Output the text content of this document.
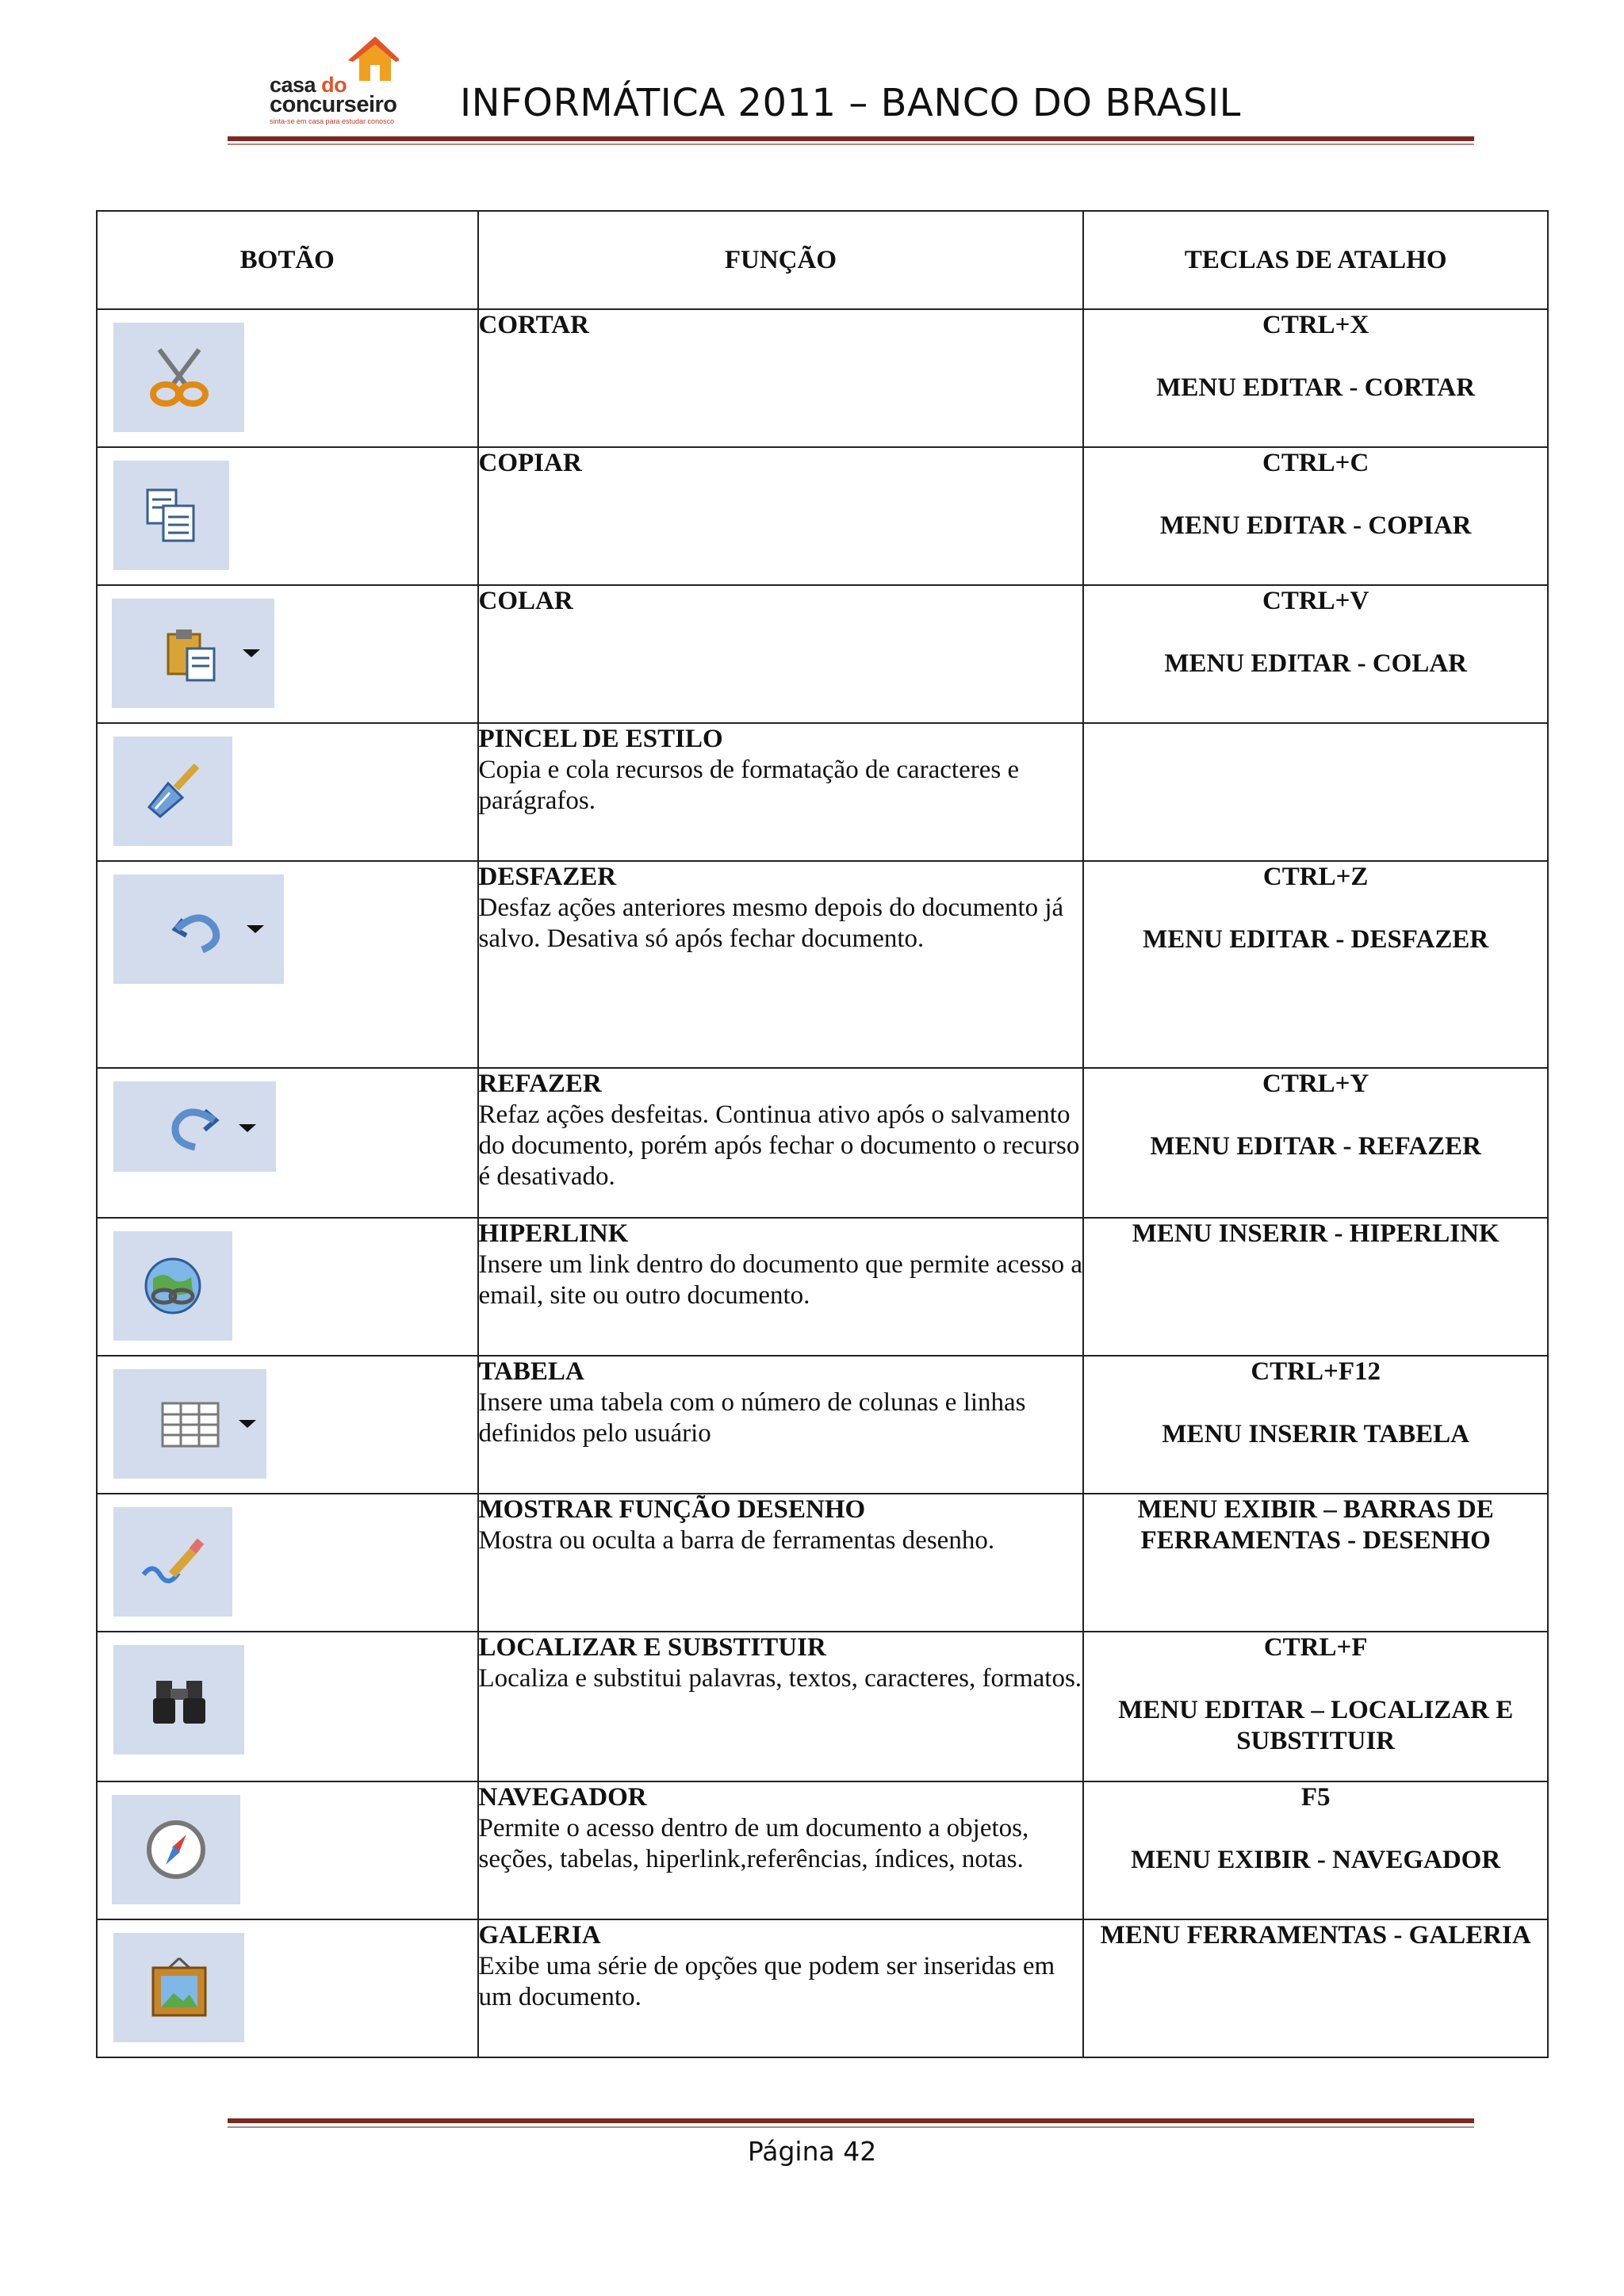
casa do
concurseiro
sinta-se em casa para estudar conosco INFORMÁTICA 2011 – BANCO DO BRASIL
BOTÃO	FUNÇÃO	TECLAS DE ATALHO

CORTAR	CTRL+X
MENU EDITAR - CORTAR

COPIAR	CTRL+C
MENU EDITAR - COPIAR

COLAR	CTRL+V
MENU EDITAR - COLAR

PINCEL DE ESTILO
Copia e cola recursos de formatação de caracteres e parágrafos.	

DESFAZER
Desfaz ações anteriores mesmo depois do documento já salvo. Desativa só após fechar documento.	CTRL+Z
MENU EDITAR - DESFAZER

REFAZER
Refaz ações desfeitas. Continua ativo após o salvamento do documento, porém após fechar o documento o recurso é desativado.	CTRL+Y
MENU EDITAR - REFAZER

HIPERLINK
Insere um link dentro do documento que permite acesso a email, site ou outro documento.	MENU INSERIR - HIPERLINK

TABELA
Insere uma tabela com o número de colunas e linhas definidos pelo usuário	CTRL+F12
MENU INSERIR TABELA

MOSTRAR FUNÇÃO DESENHO
Mostra ou oculta a barra de ferramentas desenho.	MENU EXIBIR – BARRAS DE FERRAMENTAS - DESENHO

LOCALIZAR E SUBSTITUIR
Localiza e substitui palavras, textos, caracteres, formatos.	CTRL+F
MENU EDITAR – LOCALIZAR E SUBSTITUIR

NAVEGADOR
Permite o acesso dentro de um documento a objetos, seções, tabelas, hiperlink,referências, índices, notas.	F5
MENU EXIBIR - NAVEGADOR

GALERIA
Exibe uma série de opções que podem ser inseridas em um documento.	MENU FERRAMENTAS - GALERIA
Página 42
